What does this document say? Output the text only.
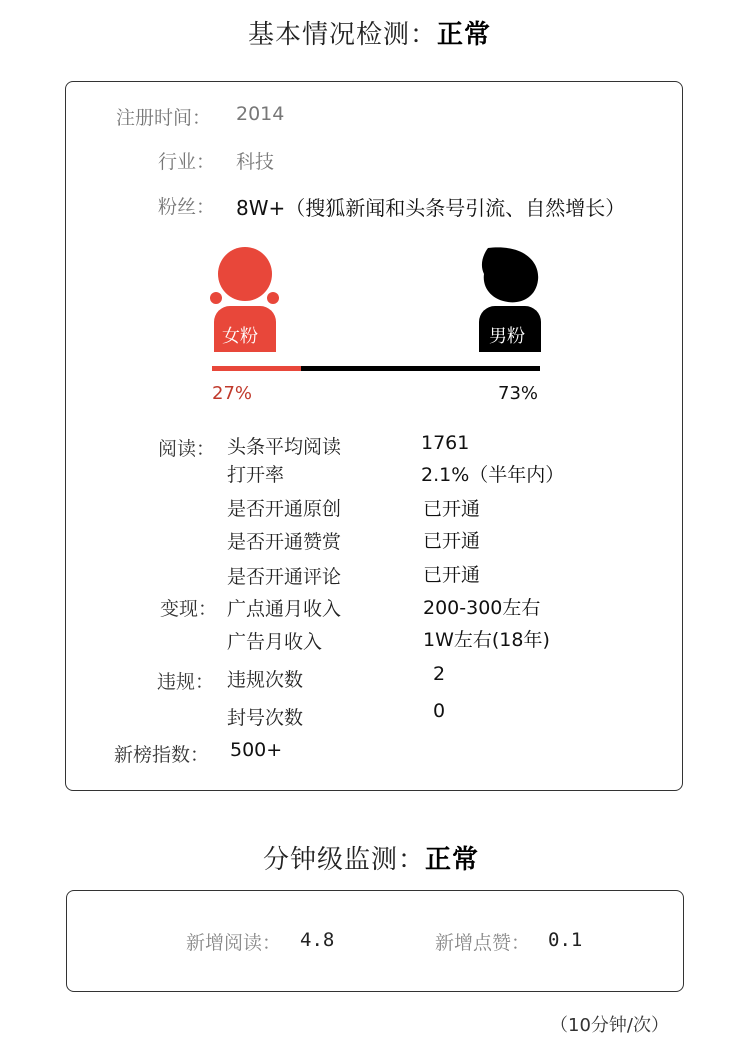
基本情况检测：正常
注册时间： 2014
行业： 科技
粉丝： 8W+（搜狐新闻和头条号引流、自然增长）
女粉	男粉
27%	73%
阅读： 头条平均阅读	1761
打开率	2.1%（半年内）
是否开通原创	已开通
是否开通赞赏	已开通
是否开通评论	已开通
变现： 广点通月收入	200-300左右
广告月收入	1W左右(18年)
违规： 违规次数	2
封号次数	0
新榜指数： 500+
分钟级监测：正常
新增阅读： 4.8	新增点赞： 0.1
（10分钟/次）
